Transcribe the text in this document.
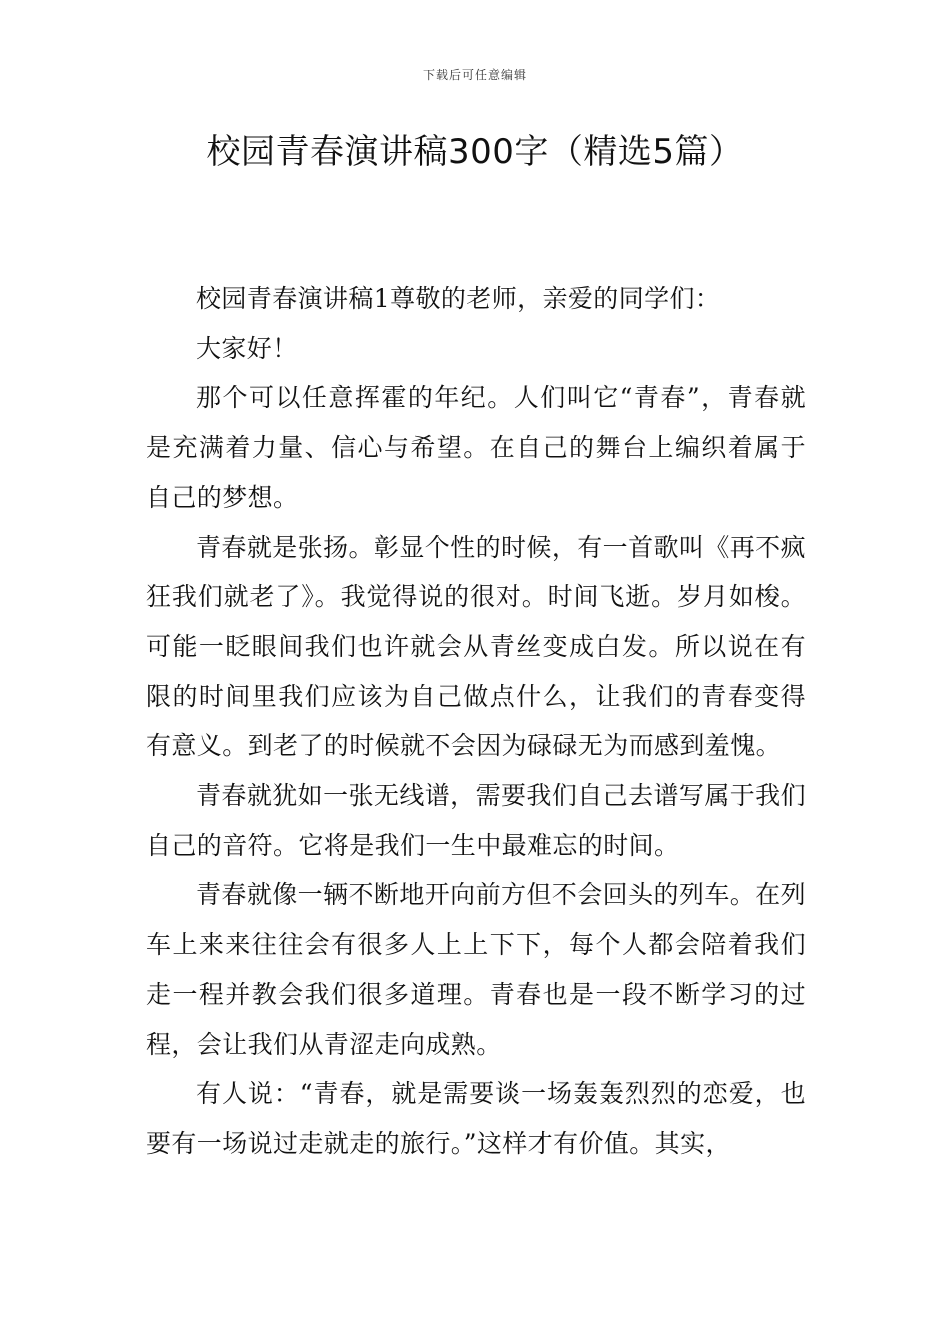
下载后可任意编辑
校园青春演讲稿300字（精选5篇）

校园青春演讲稿1尊敬的老师，亲爱的同学们：

大家好！

那个可以任意挥霍的年纪。人们叫它“青春”，青春就是充满着力量、信心与希望。在自己的舞台上编织着属于自己的梦想。

青春就是张扬。彰显个性的时候，有一首歌叫《再不疯狂我们就老了》。我觉得说的很对。时间飞逝。岁月如梭。可能一眨眼间我们也许就会从青丝变成白发。所以说在有限的时间里我们应该为自己做点什么，让我们的青春变得有意义。到老了的时候就不会因为碌碌无为而感到羞愧。

青春就犹如一张无线谱，需要我们自己去谱写属于我们自己的音符。它将是我们一生中最难忘的时间。

青春就像一辆不断地开向前方但不会回头的列车。在列车上来来往往会有很多人上上下下，每个人都会陪着我们走一程并教会我们很多道理。青春也是一段不断学习的过程，会让我们从青涩走向成熟。

有人说：“青春，就是需要谈一场轰轰烈烈的恋爱，也要有一场说过走就走的旅行。”这样才有价值。其实，
